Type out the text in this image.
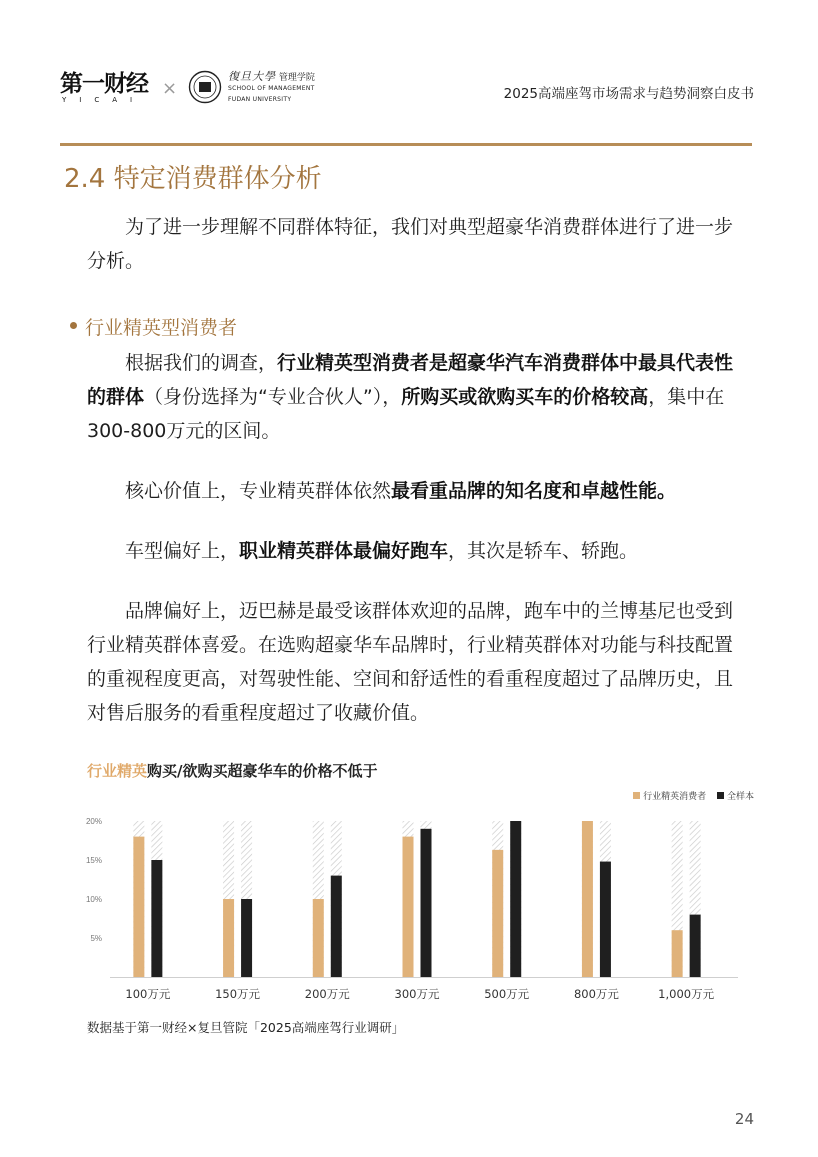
第一财经
YICAI
×
復旦大學 管理学院
SCHOOL OF MANAGEMENT
FUDAN UNIVERSITY	2025高端座驾市场需求与趋势洞察白皮书
2.4 特定消费群体分析
为了进一步理解不同群体特征，我们对典型超豪华消费群体进行了进一步分析。
行业精英型消费者
根据我们的调查，行业精英型消费者是超豪华汽车消费群体中最具代表性的群体（身份选择为“专业合伙人”），所购买或欲购买车的价格较高，集中在300-800万元的区间。
核心价值上，专业精英群体依然最看重品牌的知名度和卓越性能。
车型偏好上，职业精英群体最偏好跑车，其次是轿车、轿跑。
品牌偏好上，迈巴赫是最受该群体欢迎的品牌，跑车中的兰博基尼也受到行业精英群体喜爱。在选购超豪华车品牌时，行业精英群体对功能与科技配置的重视程度更高，对驾驶性能、空间和舒适性的看重程度超过了品牌历史，且对售后服务的看重程度超过了收藏价值。
行业精英购买/欲购买超豪华车的价格不低于
行业精英消费者 全样本
5%
10%
15%
20%
100万元	150万元	200万元	300万元	500万元	800万元	1,000万元
数据基于第一财经×复旦管院「2025高端座驾行业调研」
24
